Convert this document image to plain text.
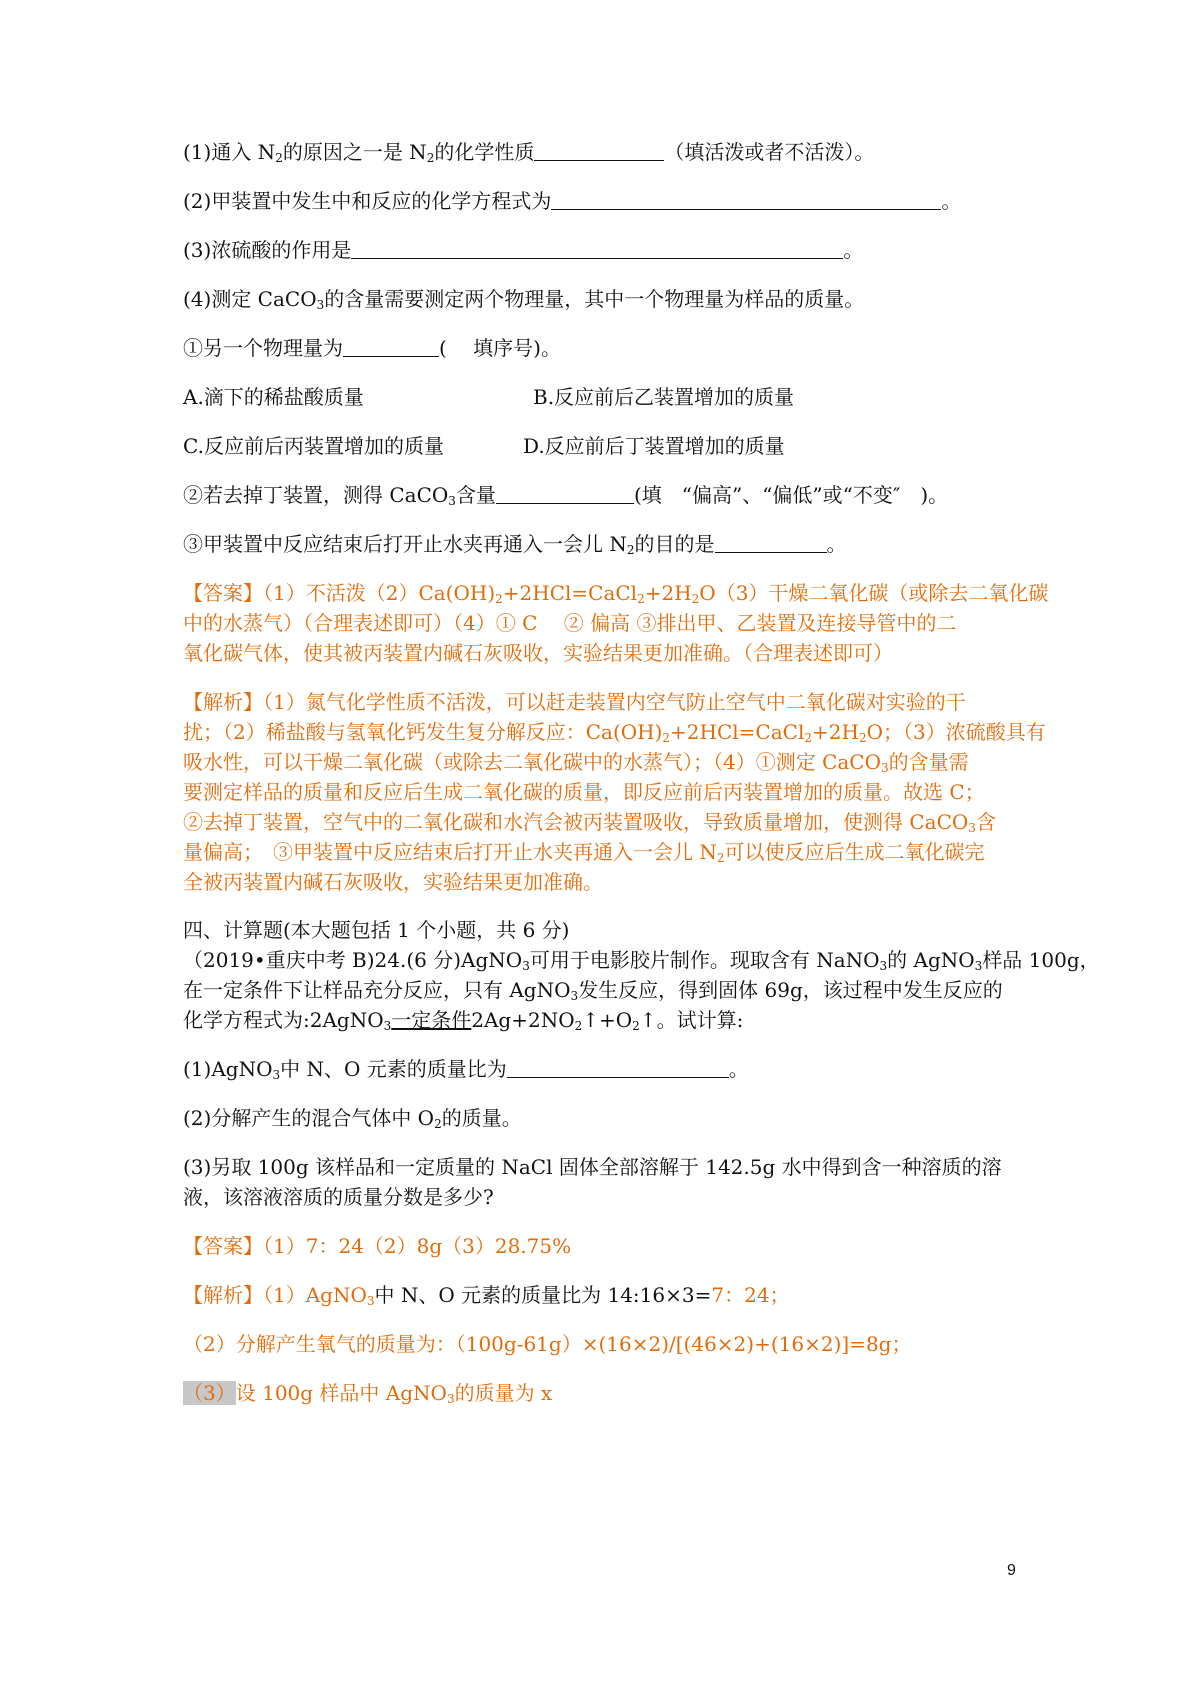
(1)通入 $N_2$的原因之一是 $N_2$的化学性质	（填活泼或者不活泼）。
(2)甲装置中发生中和反应的化学方程式为	。
(3)浓硫酸的作用是	。
(4)测定 CaCO$_3$的含量需要测定两个物理量，其中一个物理量为样品的质量。
①另一个物理量为	(　 填序号)。
A.滴下的稀盐酸质量	B.反应前后乙装置增加的质量
C.反应前后丙装置增加的质量	D.反应前后丁装置增加的质量
②若去掉丁装置，测得 CaCO$_3$含量	(填　“偏高”、“偏低”或“不变″　)。
③甲装置中反应结束后打开止水夹再通入一会儿 $N_2$的目的是	。
【答案】（1）不活泼$(2)Ca(OH)_2+2HCl=CaCl_2+2H_2O(3)$干燥二氧化碳（或除去二氧化碳
中的水蒸气）（合理表述即可）（4）① C　 ② 偏高 ③排出甲、乙装置及连接导管中的二
氧化碳气体，使其被丙装置内碱石灰吸收，实验结果更加准确。（合理表述即可）
【解析】（1）氮气化学性质不活泼，可以赶走装置内空气防止空气中二氧化碳对实验的干
扰；（2）稀盐酸与氢氧化钙发生复分解反应：$Ca(OH)_2+2HCl=CaCl_2+2H_2O$；（3）浓硫酸具有
吸水性，可以干燥二氧化碳（或除去二氧化碳中的水蒸气）；（4）①测定 CaCO$_3$的含量需
要测定样品的质量和反应后生成二氧化碳的质量，即反应前后丙装置增加的质量。故选 C；
②去掉丁装置，空气中的二氧化碳和水汽会被丙装置吸收，导致质量增加，使测得 CaCO$_3$含
量偏高；　③甲装置中反应结束后打开止水夹再通入一会儿 $N_2$可以使反应后生成二氧化碳完
全被丙装置内碱石灰吸收，实验结果更加准确。
四、计算题(本大题包括 1 个小题，共 6 分)
（2019•重庆中考 B)24.(6 分)AgNO$_3$可用于电影胶片制作。现取含有 NaNO$_3$的 AgNO$_3$样品 100g，
在一定条件下让样品充分反应，只有 AgNO$_3$发生反应，得到固体 69g，该过程中发生反应的
化学方程式为:2AgNO$_3$一定条件$2Ag+2NO_2↑+O_2↑$。试计算:
(1)AgNO$_3$中 N、O 元素的质量比为	。
(2)分解产生的混合气体中 $O_2$的质量。
(3)另取 100g 该样品和一定质量的 NaCl 固体全部溶解于 142.5g 水中得到含一种溶质的溶
液，该溶液溶质的质量分数是多少?
【答案】（1）7：24（2）8g（3）28.75%
【解析】（1）AgNO$_3$中 N、O 元素的质量比为 14:16×3=7：24；
（2）分解产生氧气的质量为：（100g-61g）×(16×2)/[(46×2)+(16×2)]=8g；
（3）设 100g 样品中 AgNO$_3$的质量为 x
9
